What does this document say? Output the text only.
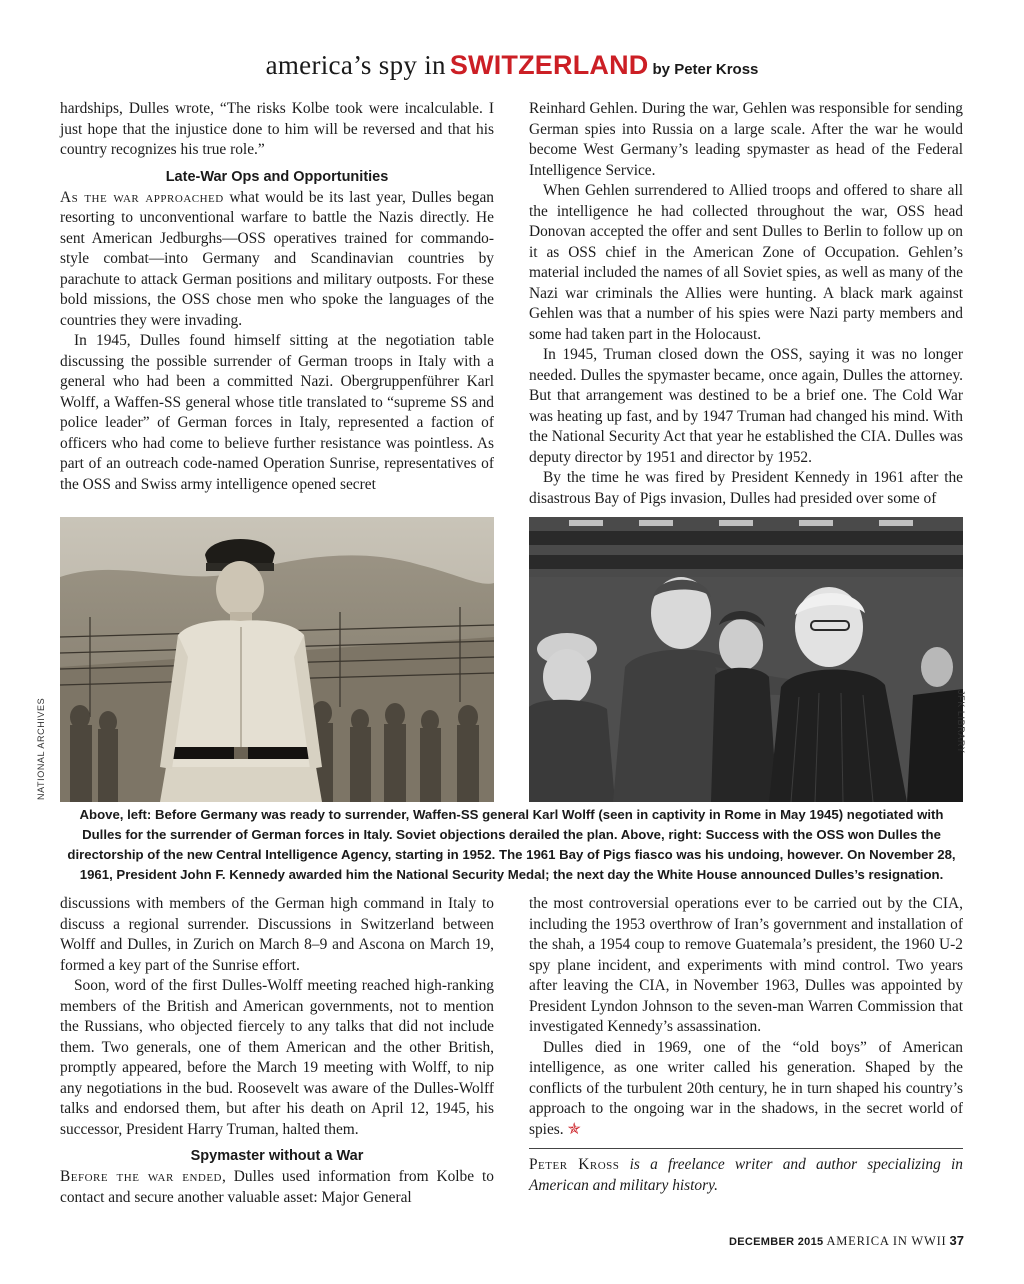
america’s spy in SWITZERLAND by Peter Kross

hardships, Dulles wrote, “The risks Kolbe took were incalculable. I just hope that the injustice done to him will be reversed and that his country recognizes his true role.”

Late-War Ops and Opportunities

As the war approached what would be its last year, Dulles began resorting to unconventional warfare to battle the Nazis directly. He sent American Jedburghs—OSS operatives trained for commando-style combat—into Germany and Scandinavian countries by parachute to attack German positions and military outposts. For these bold missions, the OSS chose men who spoke the languages of the countries they were invading.

In 1945, Dulles found himself sitting at the negotiation table discussing the possible surrender of German troops in Italy with a general who had been a committed Nazi. Obergruppenführer Karl Wolff, a Waffen-SS general whose title translated to “supreme SS and police leader” of German forces in Italy, represented a faction of officers who had come to believe further resistance was pointless. As part of an outreach code-named Operation Sunrise, representatives of the OSS and Swiss army intelligence opened secret

Reinhard Gehlen. During the war, Gehlen was responsible for sending German spies into Russia on a large scale. After the war he would become West Germany’s leading spymaster as head of the Federal Intelligence Service.

When Gehlen surrendered to Allied troops and offered to share all the intelligence he had collected throughout the war, OSS head Donovan accepted the offer and sent Dulles to Berlin to follow up on it as OSS chief in the American Zone of Occupation. Gehlen’s material included the names of all Soviet spies, as well as many of the Nazi war criminals the Allies were hunting. A black mark against Gehlen was that a number of his spies were Nazi party members and some had taken part in the Holocaust.

In 1945, Truman closed down the OSS, saying it was no longer needed. Dulles the spymaster became, once again, Dulles the attorney. But that arrangement was destined to be a brief one. The Cold War was heating up fast, and by 1947 Truman had changed his mind. With the National Security Act that year he established the CIA. Dulles was deputy director by 1951 and director by 1952.

By the time he was fired by President Kennedy in 1961 after the disastrous Bay of Pigs invasion, Dulles had presided over some of

NATIONAL ARCHIVES	JFK LIBRARY
Above, left: Before Germany was ready to surrender, Waffen-SS general Karl Wolff (seen in captivity in Rome in May 1945) negotiated with Dulles for the surrender of German forces in Italy. Soviet objections derailed the plan. Above, right: Success with the OSS won Dulles the directorship of the new Central Intelligence Agency, starting in 1952. The 1961 Bay of Pigs fiasco was his undoing, however. On November 28, 1961, President John F. Kennedy awarded him the National Security Medal; the next day the White House announced Dulles’s resignation.

discussions with members of the German high command in Italy to discuss a regional surrender. Discussions in Switzerland between Wolff and Dulles, in Zurich on March 8–9 and Ascona on March 19, formed a key part of the Sunrise effort.

Soon, word of the first Dulles-Wolff meeting reached high-ranking members of the British and American governments, not to mention the Russians, who objected fiercely to any talks that did not include them. Two generals, one of them American and the other British, promptly appeared, before the March 19 meeting with Wolff, to nip any negotiations in the bud. Roosevelt was aware of the Dulles-Wolff talks and endorsed them, but after his death on April 12, 1945, his successor, President Harry Truman, halted them.

Spymaster without a War

Before the war ended, Dulles used information from Kolbe to contact and secure another valuable asset: Major General

the most controversial operations ever to be carried out by the CIA, including the 1953 overthrow of Iran’s government and installation of the shah, a 1954 coup to remove Guatemala’s president, the 1960 U-2 spy plane incident, and experiments with mind control. Two years after leaving the CIA, in November 1963, Dulles was appointed by President Lyndon Johnson to the seven-man Warren Commission that investigated Kennedy’s assassination.

Dulles died in 1969, one of the “old boys” of American intelligence, as one writer called his generation. Shaped by the conflicts of the turbulent 20th century, he in turn shaped his country’s approach to the ongoing war in the shadows, in the secret world of spies. ✯

Peter Kross is a freelance writer and author specializing in American and military history.

DECEMBER 2015 AMERICA IN WWII 37
